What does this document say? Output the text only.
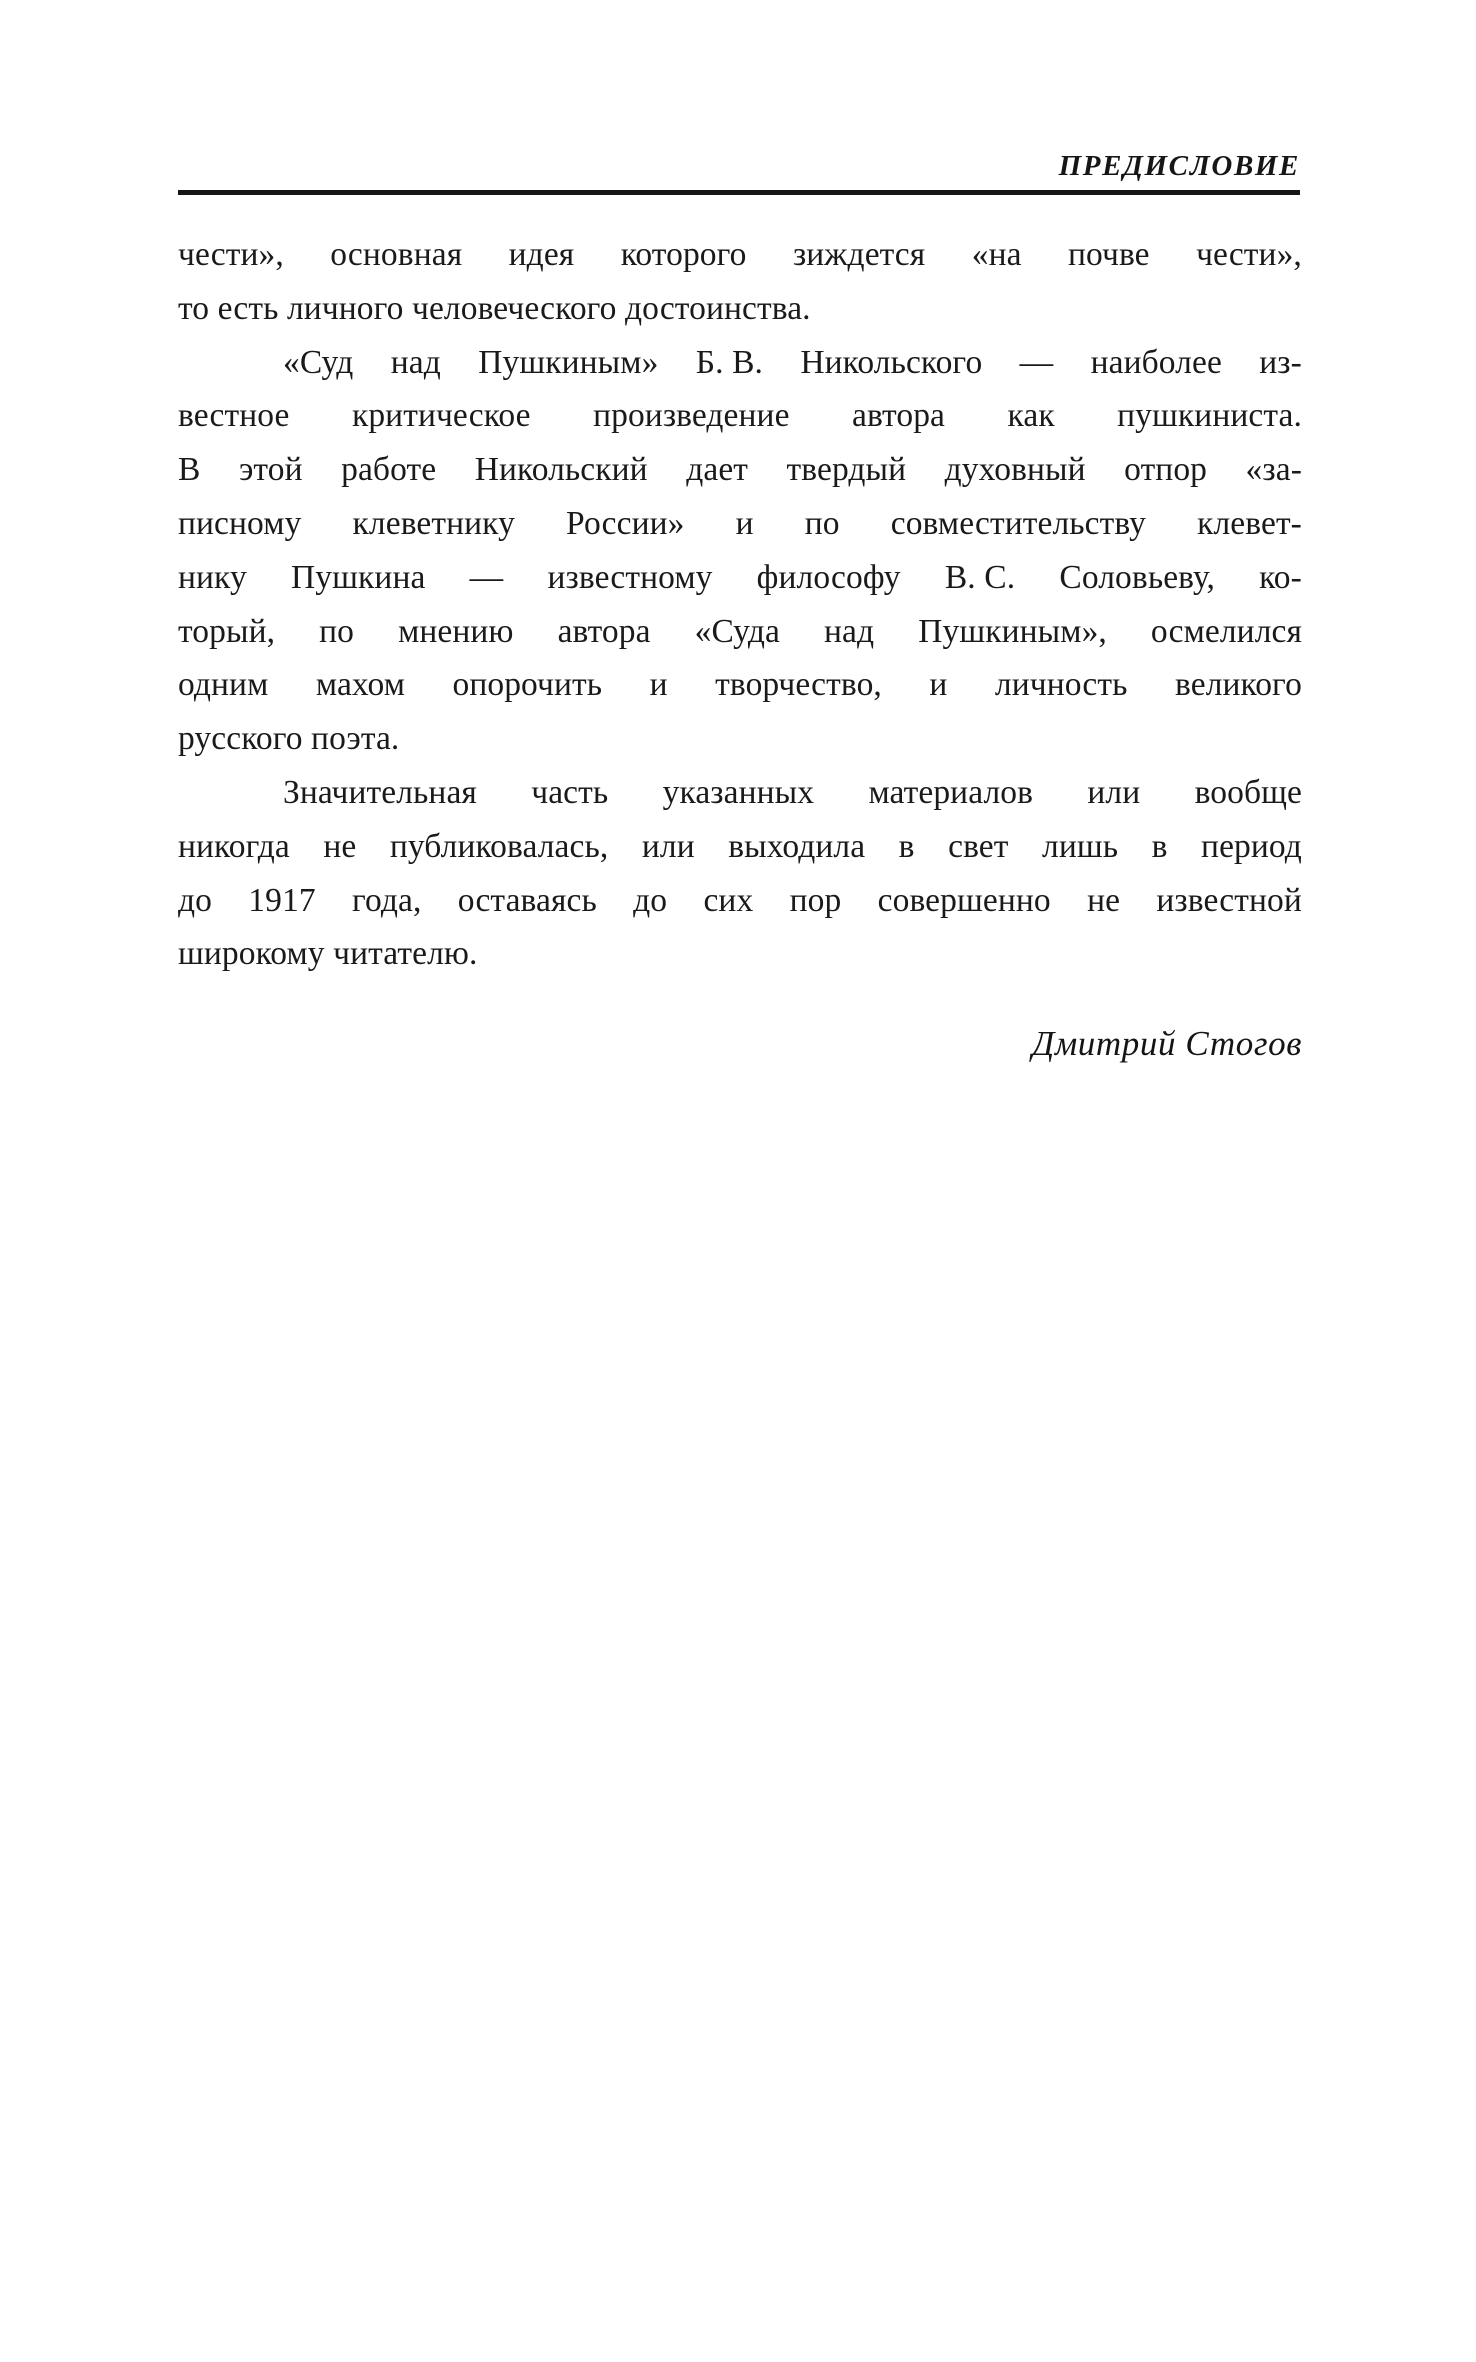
ПРЕДИСЛОВИЕ
чести», основная идея которого зиждется «на почве чести»,
то есть личного человеческого достоинства.
«Суд над Пушкиным» Б. В. Никольского — наиболее из-
вестное критическое произведение автора как пушкиниста.
В этой работе Никольский дает твердый духовный отпор «за-
писному клеветнику России» и по совместительству клевет-
нику Пушкина — известному философу В. С. Соловьеву, ко-
торый, по мнению автора «Суда над Пушкиным», осмелился
одним махом опорочить и творчество, и личность великого
русского поэта.
Значительная часть указанных материалов или вообще
никогда не публиковалась, или выходила в свет лишь в период
до 1917 года, оставаясь до сих пор совершенно не известной
широкому читателю.
Дмитрий Стогов
